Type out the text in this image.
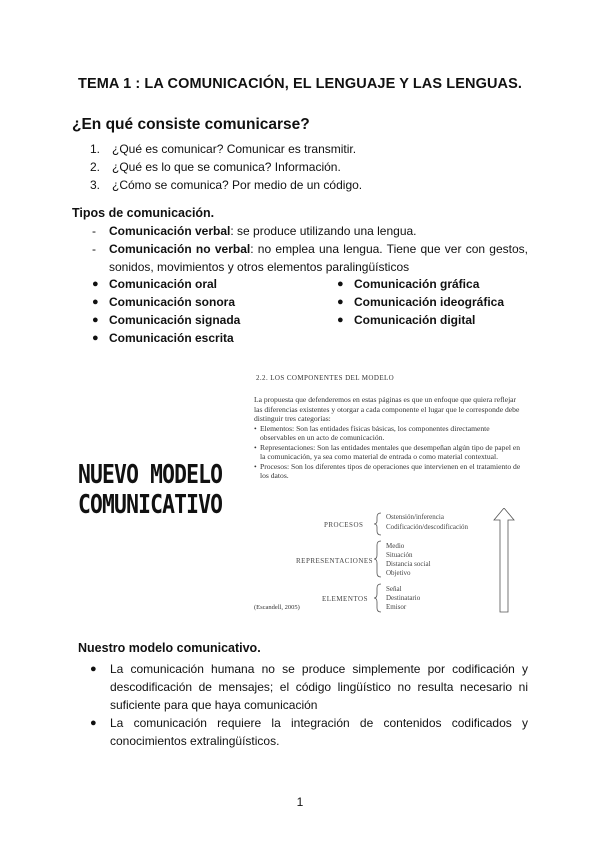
TEMA 1 : LA COMUNICACIÓN, EL LENGUAJE Y LAS LENGUAS.
¿En qué consiste comunicarse?
1. ¿Qué es comunicar? Comunicar es transmitir.
2. ¿Qué es lo que se comunica? Información.
3. ¿Cómo se comunica? Por medio de un código.
Tipos de comunicación.
-	Comunicación verbal: se produce utilizando una lengua.
-	Comunicación no verbal: no emplea una lengua. Tiene que ver con gestos, sonidos, movimientos y otros elementos paralingüísticos
● Comunicación oral
● Comunicación sonora
● Comunicación signada
● Comunicación escrita
● Comunicación gráfica
● Comunicación ideográfica
● Comunicación digital
NUEVO MODELO
COMUNICATIVO
2.2. LOS COMPONENTES DEL MODELO

La propuesta que defenderemos en estas páginas es que un enfoque que quiera reflejar las diferencias existentes y otorgar a cada componente el lugar que le corresponde debe distinguir tres categorías:

• Elementos: Son las entidades físicas básicas, los componentes directamente observables en un acto de comunicación.
• Representaciones: Son las entidades mentales que desempeñan algún tipo de papel en la comunicación, ya sea como material de entrada o como material contextual.
• Procesos: Son los diferentes tipos de operaciones que intervienen en el tratamiento de los datos.
PROCESOS
Ostensión/inferencia
Codificación/descodificación
REPRESENTACIONES
Medio
Situación
Distancia social
Objetivo
ELEMENTOS
Señal
Destinatario
Emisor
(Escandell, 2005)
Nuestro modelo comunicativo.
●	La comunicación humana no se produce simplemente por codificación y descodificación de mensajes; el código lingüístico no resulta necesario ni suficiente para que haya comunicación
●	La comunicación requiere la integración de contenidos codificados y conocimientos extralingüísticos.
1
